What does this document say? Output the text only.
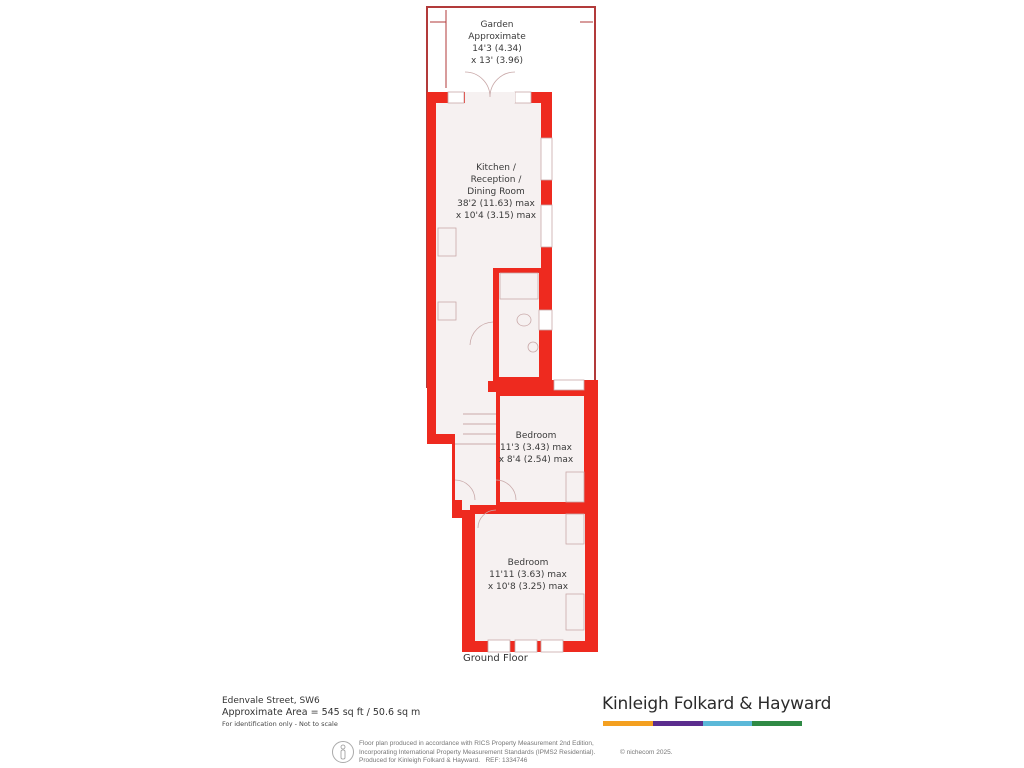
Garden
Approximate
14'3 (4.34)
x 13' (3.96)
Kitchen /
Reception /
Dining Room
38'2 (11.63) max
x 10'4 (3.15) max
Bedroom
11'3 (3.43) max
x 8'4 (2.54) max
Bedroom
11'11 (3.63) max
x 10'8 (3.25) max
Ground Floor
Edenvale Street, SW6
Approximate Area = 545 sq ft / 50.6 sq m
For identification only - Not to scale
Kinleigh Folkard & Hayward
Floor plan produced in accordance with RICS Property Measurement 2nd Edition,
Incorporating International Property Measurement Standards (IPMS2 Residential).
Produced for Kinleigh Folkard & Hayward.   REF: 1334746
© nichecom 2025.
